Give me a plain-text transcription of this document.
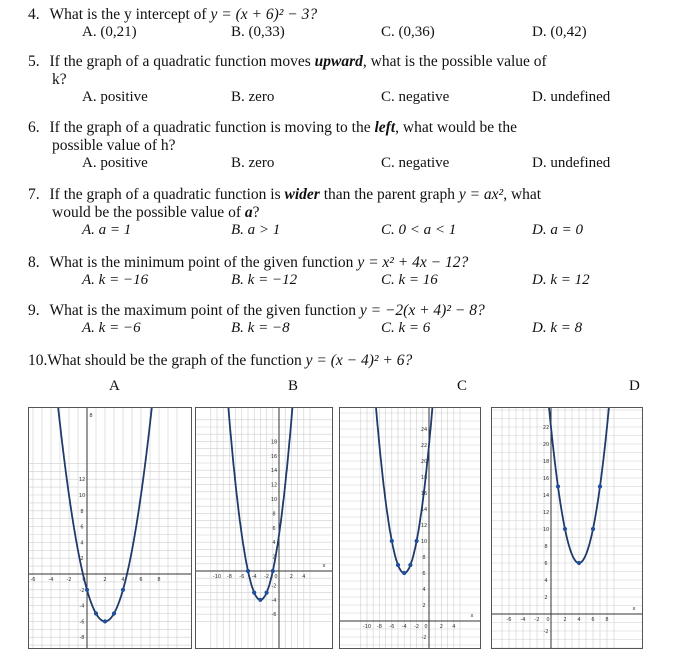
4. What is the y intercept of y = (x + 6)² − 3?
A. (0,21)	B. (0,33)	C. (0,36)	D. (0,42)
5. If the graph of a quadratic function moves upward, what is the possible value of
k?
A. positive	B. zero	C. negative	D. undefined
6. If the graph of a quadratic function is moving to the left, what would be the
possible value of h?
A. positive	B. zero	C. negative	D. undefined
7. If the graph of a quadratic function is wider than the parent graph y = ax², what
would be the possible value of a?
A. a = 1	B. a > 1	C. 0 < a < 1	D. a = 0
8. What is the minimum point of the given function y = x² + 4x − 12?
A. k = −16	B. k = −12	C. k = 16	D. k = 12
9. What is the maximum point of the given function y = −2(x + 4)² − 8?
A. k = −6	B. k = −8	C. k = 6	D. k = 8
10.What should be the graph of the function y = (x − 4)² + 6?
A	B	C	D
-6	-4	-2 0	2	4	6	8
12
10
8
6
4
2
-2
-4
-6
-8
8
-10 -8 -6 -4 -2 0 2 4
18
16
14
12
10
8
6
4
2
-2
-4
-6
x
-10 -8 -6 -4 -2 0 2 4
24
22
20
18
16
14
12
10
8
6
4
2
-2
x
-6 -4 -2 0	2 4 6 8
22
20
18
16
14
12
10
8
6
4
2
-2
x
